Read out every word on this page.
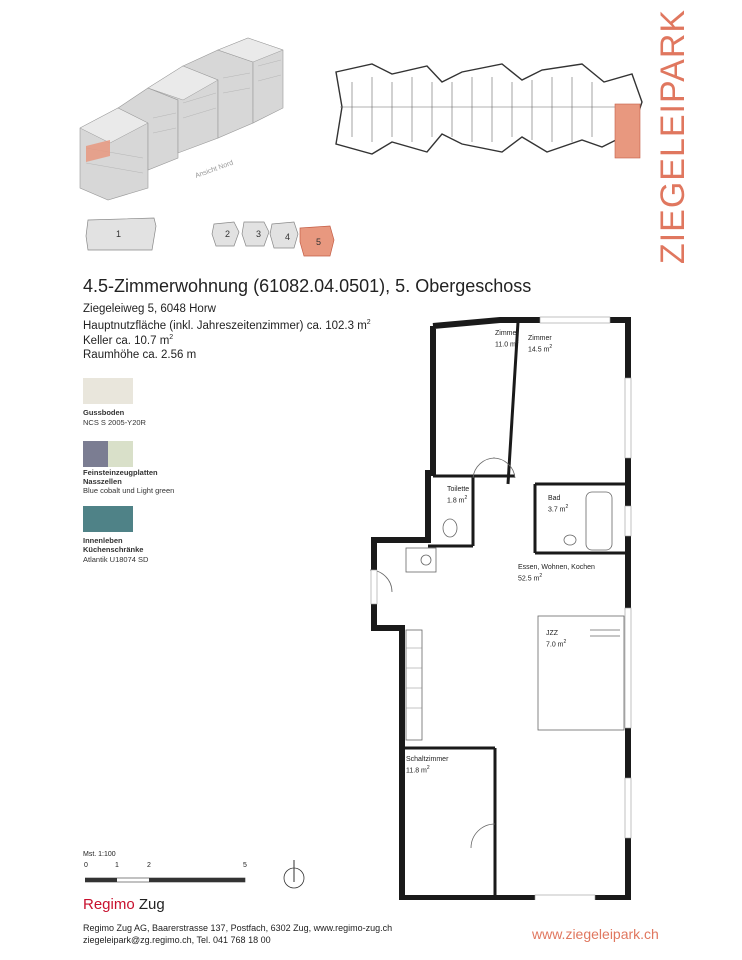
Ansicht Nord	ZIEGELEIPARK
1	2	3	4	5
4.5-Zimmerwohnung (61082.04.0501), 5. Obergeschoss
Ziegeleiweg 5, 6048 Horw
Hauptnutzfläche (inkl. Jahreszeitenzimmer) ca. 102.3 $m^2$
Keller ca. 10.7 $m^2$
Raumhöhe ca. 2.56 m
Gussboden
NCS S 2005-Y20R
Feinsteinzeugplatten
Nasszellen
Blue cobalt und Light green
Innenleben
Küchenschränke
Atlantik U18074 SD
Zimmer
11.0 $m^2$ Zimmer
14.5 $m^2$
Toilette
1.8 $m^2$	Bad
3.7 $m^2$
Essen, Wohnen, Kochen
52.5 $m^2$
JZZ
7.0 $m^2$
Schaltzimmer
11.8 $m^2$
Mst. 1:100
0	1	2	5
Regimo Zug
Regimo Zug AG, Baarerstrasse 137, Postfach, 6302 Zug, www.regimo-zug.ch
ziegeleipark@zg.regimo.ch, Tel. 041 768 18 00	www.ziegeleipark.ch
